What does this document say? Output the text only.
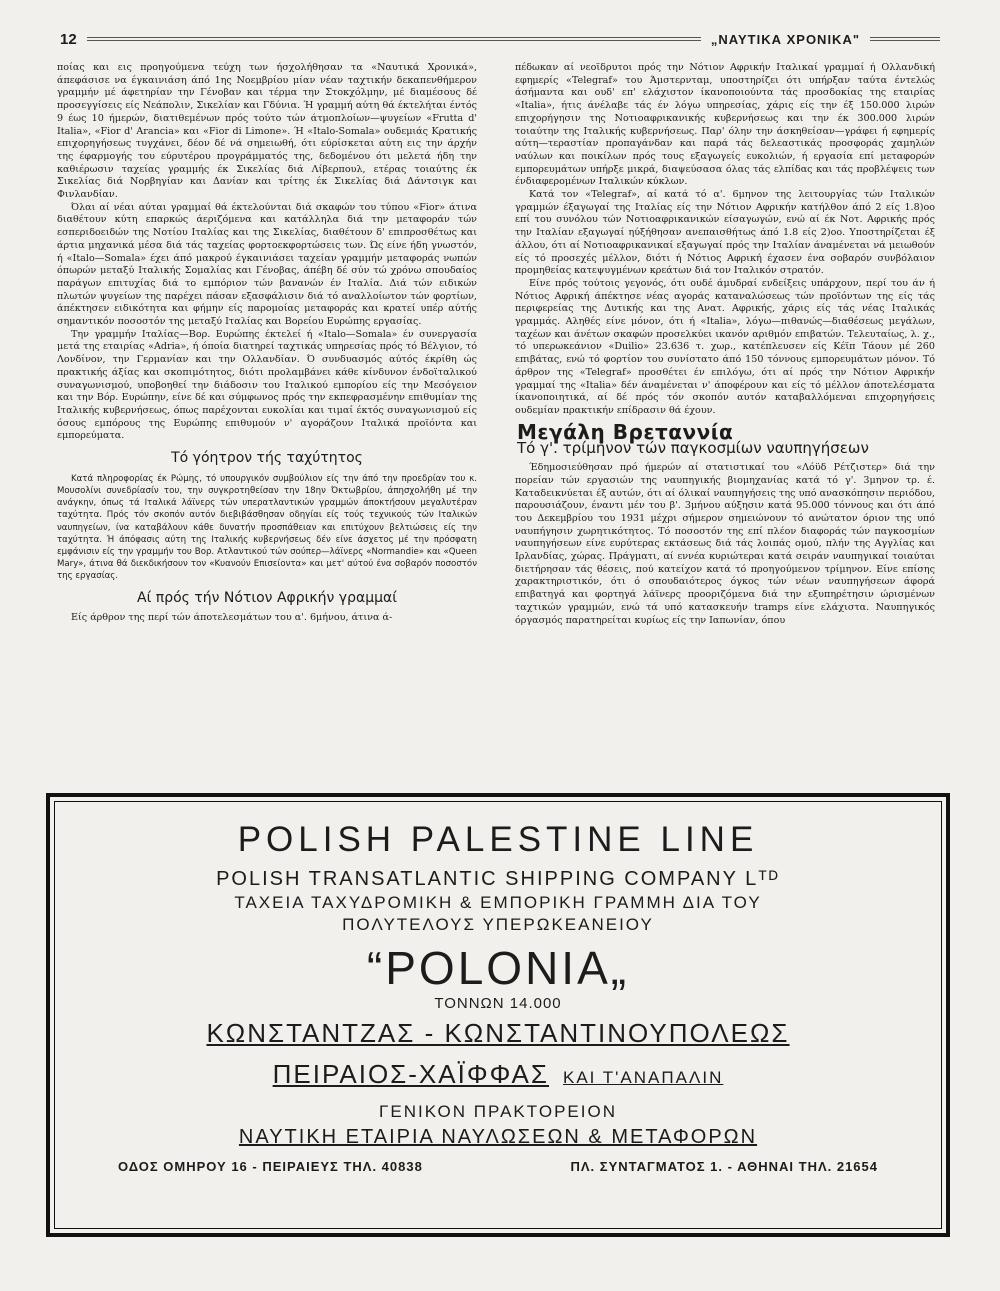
12	„ΝΑΥΤΙΚΑ ΧΡΟΝΙΚΑ"

ποίας και εις προηγούμενα τεύχη των ήσχολήθησαν τα «Ναυτικά Χρονικά», άπεφάσισε να έγκαινιάση άπό 1ης Νοεμβρίου μίαν νέαν ταχτικήν δεκαπενθήμερον γραμμήν μέ άφετηρίαν την Γένοβαν και τέρμα την Στοκχόλμην, μέ διαμέσους δέ προσεγγίσεις είς Νεάπολιν, Σικελίαν και Γδύνια. Ή γραμμή αύτη θά έκτελήται έντός 9 έως 10 ήμερών, διατιθεμένων πρός τούτο τών άτμοπλοίων—ψυγείων «Frutta d' Italia», «Fior d' Arancia» και «Fior di Limone». Ή «Italo-Somala» ουδεμιάς Κρατικής επιχορηγήσεως τυγχάνει, δέον δέ νά σημειωθή, ότι εύρίσκεται αύτη εις την άρχήν της έφαρμογής του εύρυτέρου προγράμματός της, δεδομένου ότι μελετά ήδη την καθιέρωσιν ταχείας γραμμής έκ Σικελίας διά Λίβερπουλ, ετέρας τοιαύτης έκ Σικελίας διά Νορβηγίαν και Δανίαν και τρίτης έκ Σικελίας διά Δάντσιγκ και Φινλανδίαν.

Όλαι αί νέαι αύται γραμμαί θά έκτελούνται διά σκαφών του τύπου «Fior» άτινα διαθέτουν κύτη επαρκώς άεριζόμενα και κατάλληλα διά την μεταφοράν τών εσπεριδοειδών της Νοτίου Ιταλίας και της Σικελίας, διαθέτουν δ' επιπροσθέτως και άρτια μηχανικά μέσα διά τάς ταχείας φορτοεκφορτώσεις των. Ώς είνε ήδη γνωστόν, ή «Italo—Somala» έχει άπό μακρού έγκαινιάσει ταχείαν γραμμήν μεταφοράς νωπών όπωρών μεταξύ Ιταλικής Σομαλίας και Γένοβας, άπέβη δέ σύν τώ χρόνω σπουδαίος παράγων επιτυχίας διά το εμπόριον τών βανανών έν Ιταλία. Διά τών ειδικών πλωτών ψυγείων της παρέχει πάσαν εξασφάλισιν διά τό αναλλοίωτον τών φορτίων, άπέκτησεν ειδικότητα και φήμην είς παρομοίας μεταφοράς και κρατεί υπέρ αύτής σημαντικόν ποσοστόν της μεταξύ Ιταλίας και Βορείου Ευρώπης εργασίας.

Την γραμμήν Ιταλίας—Βορ. Ευρώπης έκτελεί ή «Italo—Somala» έν συνεργασία μετά της εταιρίας «Adria», ή όποία διατηρεί ταχτικάς υπηρεσίας πρός τό Βέλγιον, τό Λονδίνον, την Γερμανίαν και την Ολλανδίαν. Ό συνδυασμός αύτός έκρίθη ώς πρακτικής άξίας και σκοπιμότητος, διότι προλαμβάνει κάθε κίνδυνον ένδοϊταλικού συναγωνισμού, υποβοηθεί την διάδοσιν του Ιταλικού εμπορίου είς την Μεσόγειον και την Βόρ. Ευρώπην, είνε δέ και σύμφωνος πρός την εκπεφρασμένην επιθυμίαν της Ιταλικής κυβερνήσεως, όπως παρέχονται ευκολίαι και τιμαί έκτός συναγωνισμού είς όσους εμπόρους της Ευρώπης επιθυμούν ν' αγοράζουν Ιταλικά προϊόντα και εμπορεύματα.

Τό γόητρον τής ταχύτητος

Κατά πληροφορίας έκ Ρώμης, τό υπουργικόν συμβούλιον είς την άπό την προεδρίαν του κ. Μουσολίνι συνεδρίασίν του, την συγκροτηθείσαν την 18ην Όκτωβρίου, άπησχολήθη μέ την ανάγκην, όπως τά Ιταλικά λάϊνερς τών υπερατλαντικών γραμμών άποκτήσουν μεγαλυτέραν ταχύτητα. Πρός τόν σκοπόν αυτόν διεβιβάσθησαν οδηγίαι είς τούς τεχνικούς τών Ιταλικών ναυπηγείων, ίνα καταβάλουν κάθε δυνατήν προσπάθειαν και επιτύχουν βελτιώσεις είς την ταχύτητα. Ή άπόφασις αύτη της Ιταλικής κυβερνήσεως δέν είνε άσχετος μέ την πρόσφατη εμφάνισιν είς την γραμμήν του Βορ. Ατλαντικού τών σούπερ—λάϊνερς «Normandie» και «Queen Mary», άτινα θά διεκδικήσουν τον «Κυανούν Επισείοντα» και μετ' αύτού ένα σοβαρόν ποσοστόν της εργασίας.

Αί πρός τήν Νότιον Αφρικήν γραμμαί

Είς άρθρον της περί τών άποτελεσμάτων του α'. 6μήνου, άτινα ά-

πέδωκαν αί νεοϊδρυτοι πρός την Νότιον Αφρικήν Ιταλικαί γραμμαί ή Ολλανδική εφημερίς «Telegraf» του Άμστερνταμ, υποστηρίζει ότι υπήρξαν ταύτα έντελώς άσήμαντα και ουδ' επ' ελάχιστον ίκανοποιούντα τάς προσδοκίας της εταιρίας «Italia», ήτις άνέλαβε τάς έν λόγω υπηρεσίας, χάρις είς την έξ 150.000 λιρών επιχορήγησιν της Νοτιοαφρικανικής κυβερνήσεως και την έκ 300.000 λιρών τοιαύτην της Ιταλικής κυβερνήσεως. Παρ' όλην την άσκηθείσαν—γράφει ή εφημερίς αύτη—τεραστίαν προπαγάνδαν και παρά τάς δελεαστικάς προσφοράς χαμηλών ναύλων και ποικίλων πρός τους εξαγωγείς ευκολιών, ή εργασία επί μεταφορών εμπορευμάτων υπήρξε μικρά, διαψεύσασα όλας τάς ελπίδας και τάς προβλέψεις των ένδιαφερομένων Ιταλικών κύκλων.

Κατά τον «Telegraf», αί κατά τό α'. 6μηνον της λειτουργίας τών Ιταλικών γραμμών έξαγωγαί της Ιταλίας είς την Νότιον Αφρικήν κατήλθον άπό 2 είς 1.8)οο επί του συνόλου τών Νοτιοαφρικανικών είσαγωγών, ενώ αί έκ Νοτ. Αφρικής πρός την Ιταλίαν εξαγωγαί ηύξήθησαν ανεπαισθήτως άπό 1.8 είς 2)οο. Υποστηρίζεται έξ άλλου, ότι αί Νοτιοαφρικανικαί εξαγωγαί πρός την Ιταλίαν άναμένεται νά μειωθούν είς τό προσεχές μέλλον, διότι ή Νότιος Αφρική έχασεν ένα σοβαρόν συνβόλαιον προμηθείας κατεψυγμένων κρεάτων διά τον Ιταλικόν στρατόν.

Είνε πρός τούτοις γεγονός, ότι ουδέ άμυδραί ενδείξεις υπάρχουν, περί του άν ή Νότιος Αφρική άπέκτησε νέας αγοράς καταναλώσεως τών προϊόντων της είς τάς περιφερείας της Δυτικής και της Ανατ. Αφρικής, χάρις είς τάς νέας Ιταλικάς γραμμάς. Αληθές είνε μόνον, ότι ή «Italia», λόγω—πιθανώς—διαθέσεως μεγάλων, ταχέων και άνέτων σκαφών προσελκύει ικανόν αριθμόν επιβατών. Τελευταίως, λ. χ., τό υπερωκεάνιον «Duilio» 23.636 τ. χωρ., κατέπλευσεν είς Κέϊπ Τάουν μέ 260 επιβάτας, ενώ τό φορτίον του συνίστατο άπό 150 τόννους εμπορευμάτων μόνον. Τό άρθρον της «Telegraf» προσθέτει έν επιλόγω, ότι αί πρός την Νότιον Αφρικήν γραμμαί της «Italia» δέν άναμένεται ν' άποφέρουν και είς τό μέλλον άποτελέσματα ίκανοποιητικά, αί δέ πρός τόν σκοπόν αυτόν καταβαλλόμεναι επιχορηγήσεις ουδεμίαν πρακτικήν επίδρασιν θά έχουν.

Μεγάλη Βρεταννία
Τό γ'. τρίμηνον τών παγκοσμίων ναυπηγήσεων

Έδημοσιεύθησαν πρό ήμερών αί στατιστικαί του «Λόϋδ Ρέτζιστερ» διά την πορείαν τών εργασιών της ναυπηγικής βιομηχανίας κατά τό γ'. 3μηνον τρ. έ. Καταδεικνύεται έξ αυτών, ότι αί όλικαί ναυπηγήσεις της υπό ανασκόπησιν περιόδου, παρουσιάζουν, έναντι μέν του β'. 3μήνου αύξησιν κατά 95.000 τόννους και ότι άπό του Δεκεμβρίου του 1931 μέχρι σήμερον σημειώνουν τό ανώτατον όριον της υπό ναυπήγησιν χωρητικότητος. Τό ποσοστόν της επί πλέον διαφοράς τών παγκοσμίων ναυπηγήσεων είνε ευρύτερας εκτάσεως διά τάς λοιπάς ομού, πλήν της Αγγλίας και Ιρλανδίας, χώρας. Πράγματι, αί εννέα κυριώτεραι κατά σειράν ναυπηγικαί τοιαύται διετήρησαν τάς θέσεις, πού κατείχον κατά τό προηγούμενον τρίμηνον. Είνε επίσης χαρακτηριστικόν, ότι ό σπουδαιότερος όγκος τών νέων ναυπηγήσεων άφορά επιβατηγά και φορτηγά λάϊνερς προοριζόμενα διά την εξυπηρέτησιν ώρισμένων ταχτικών γραμμών, ενώ τά υπό κατασκευήν tramps είνε ελάχιστα. Ναυπηγικός όργασμός παρατηρείται κυρίως είς την Ιαπωνίαν, όπου

POLISH PALESTINE LINE
POLISH TRANSATLANTIC SHIPPING COMPANY Lᵀᴰ
ΤΑΧΕΙΑ ΤΑΧΥΔΡΟΜΙΚΗ & ΕΜΠΟΡΙΚΗ ΓΡΑΜΜΗ ΔΙΑ ΤΟΥ
ΠΟΛΥΤΕΛΟΥΣ ΥΠΕΡΩΚΕΑΝΕΙΟΥ
“POLONIA„
ΤΟΝΝΩΝ 14.000
ΚΩΝΣΤΑΝΤΖΑΣ - ΚΩΝΣΤΑΝΤΙΝΟΥΠΟΛΕΩΣ
ΠΕΙΡΑΙΟΣ-ΧΑΪΦΦΑΣ ΚΑΙ Τ'ΑΝΑΠΑΛΙΝ
ΓΕΝΙΚΟΝ ΠΡΑΚΤΟΡΕΙΟΝ
ΝΑΥΤΙΚΗ ΕΤΑΙΡΙΑ ΝΑΥΛΩΣΕΩΝ & ΜΕΤΑΦΟΡΩΝ
ΟΔΟΣ ΟΜΗΡΟΥ 16 - ΠΕΙΡΑΙΕΥΣ ΤΗΛ. 40838	ΠΛ. ΣΥΝΤΑΓΜΑΤΟΣ 1. - ΑΘΗΝΑΙ ΤΗΛ. 21654
